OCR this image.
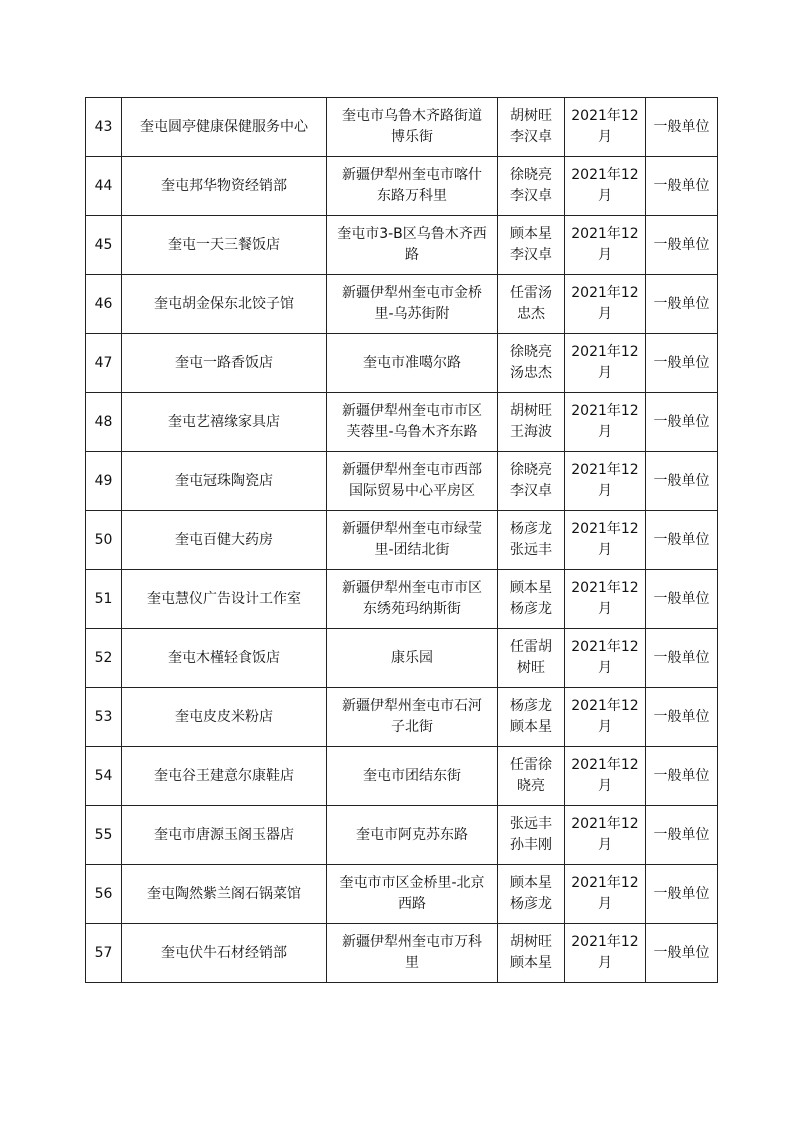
43	奎屯圆亭健康保健服务中心	奎屯市乌鲁木齐路街道博乐街	胡树旺李汉卓	2021年12月	一般单位
44	奎屯邦华物资经销部	新疆伊犁州奎屯市喀什东路万科里	徐晓亮李汉卓	2021年12月	一般单位
45	奎屯一天三餐饭店	奎屯市3-B区乌鲁木齐西路	顾本星李汉卓	2021年12月	一般单位
46	奎屯胡金保东北饺子馆	新疆伊犁州奎屯市金桥里-乌苏街附	任雷汤忠杰	2021年12月	一般单位
47	奎屯一路香饭店	奎屯市准噶尔路	徐晓亮汤忠杰	2021年12月	一般单位
48	奎屯艺禧缘家具店	新疆伊犁州奎屯市市区芙蓉里-乌鲁木齐东路	胡树旺王海波	2021年12月	一般单位
49	奎屯冠珠陶瓷店	新疆伊犁州奎屯市西部国际贸易中心平房区	徐晓亮李汉卓	2021年12月	一般单位
50	奎屯百健大药房	新疆伊犁州奎屯市绿莹里-团结北街	杨彦龙张远丰	2021年12月	一般单位
51	奎屯慧仪广告设计工作室	新疆伊犁州奎屯市市区东绣苑玛纳斯街	顾本星杨彦龙	2021年12月	一般单位
52	奎屯木槿轻食饭店	康乐园	任雷胡树旺	2021年12月	一般单位
53	奎屯皮皮米粉店	新疆伊犁州奎屯市石河子北街	杨彦龙顾本星	2021年12月	一般单位
54	奎屯谷王建意尔康鞋店	奎屯市团结东街	任雷徐晓亮	2021年12月	一般单位
55	奎屯市唐源玉阁玉器店	奎屯市阿克苏东路	张远丰孙丰刚	2021年12月	一般单位
56	奎屯陶然紫兰阁石锅菜馆	奎屯市市区金桥里-北京西路	顾本星杨彦龙	2021年12月	一般单位
57	奎屯伏牛石材经销部	新疆伊犁州奎屯市万科里	胡树旺顾本星	2021年12月	一般单位
